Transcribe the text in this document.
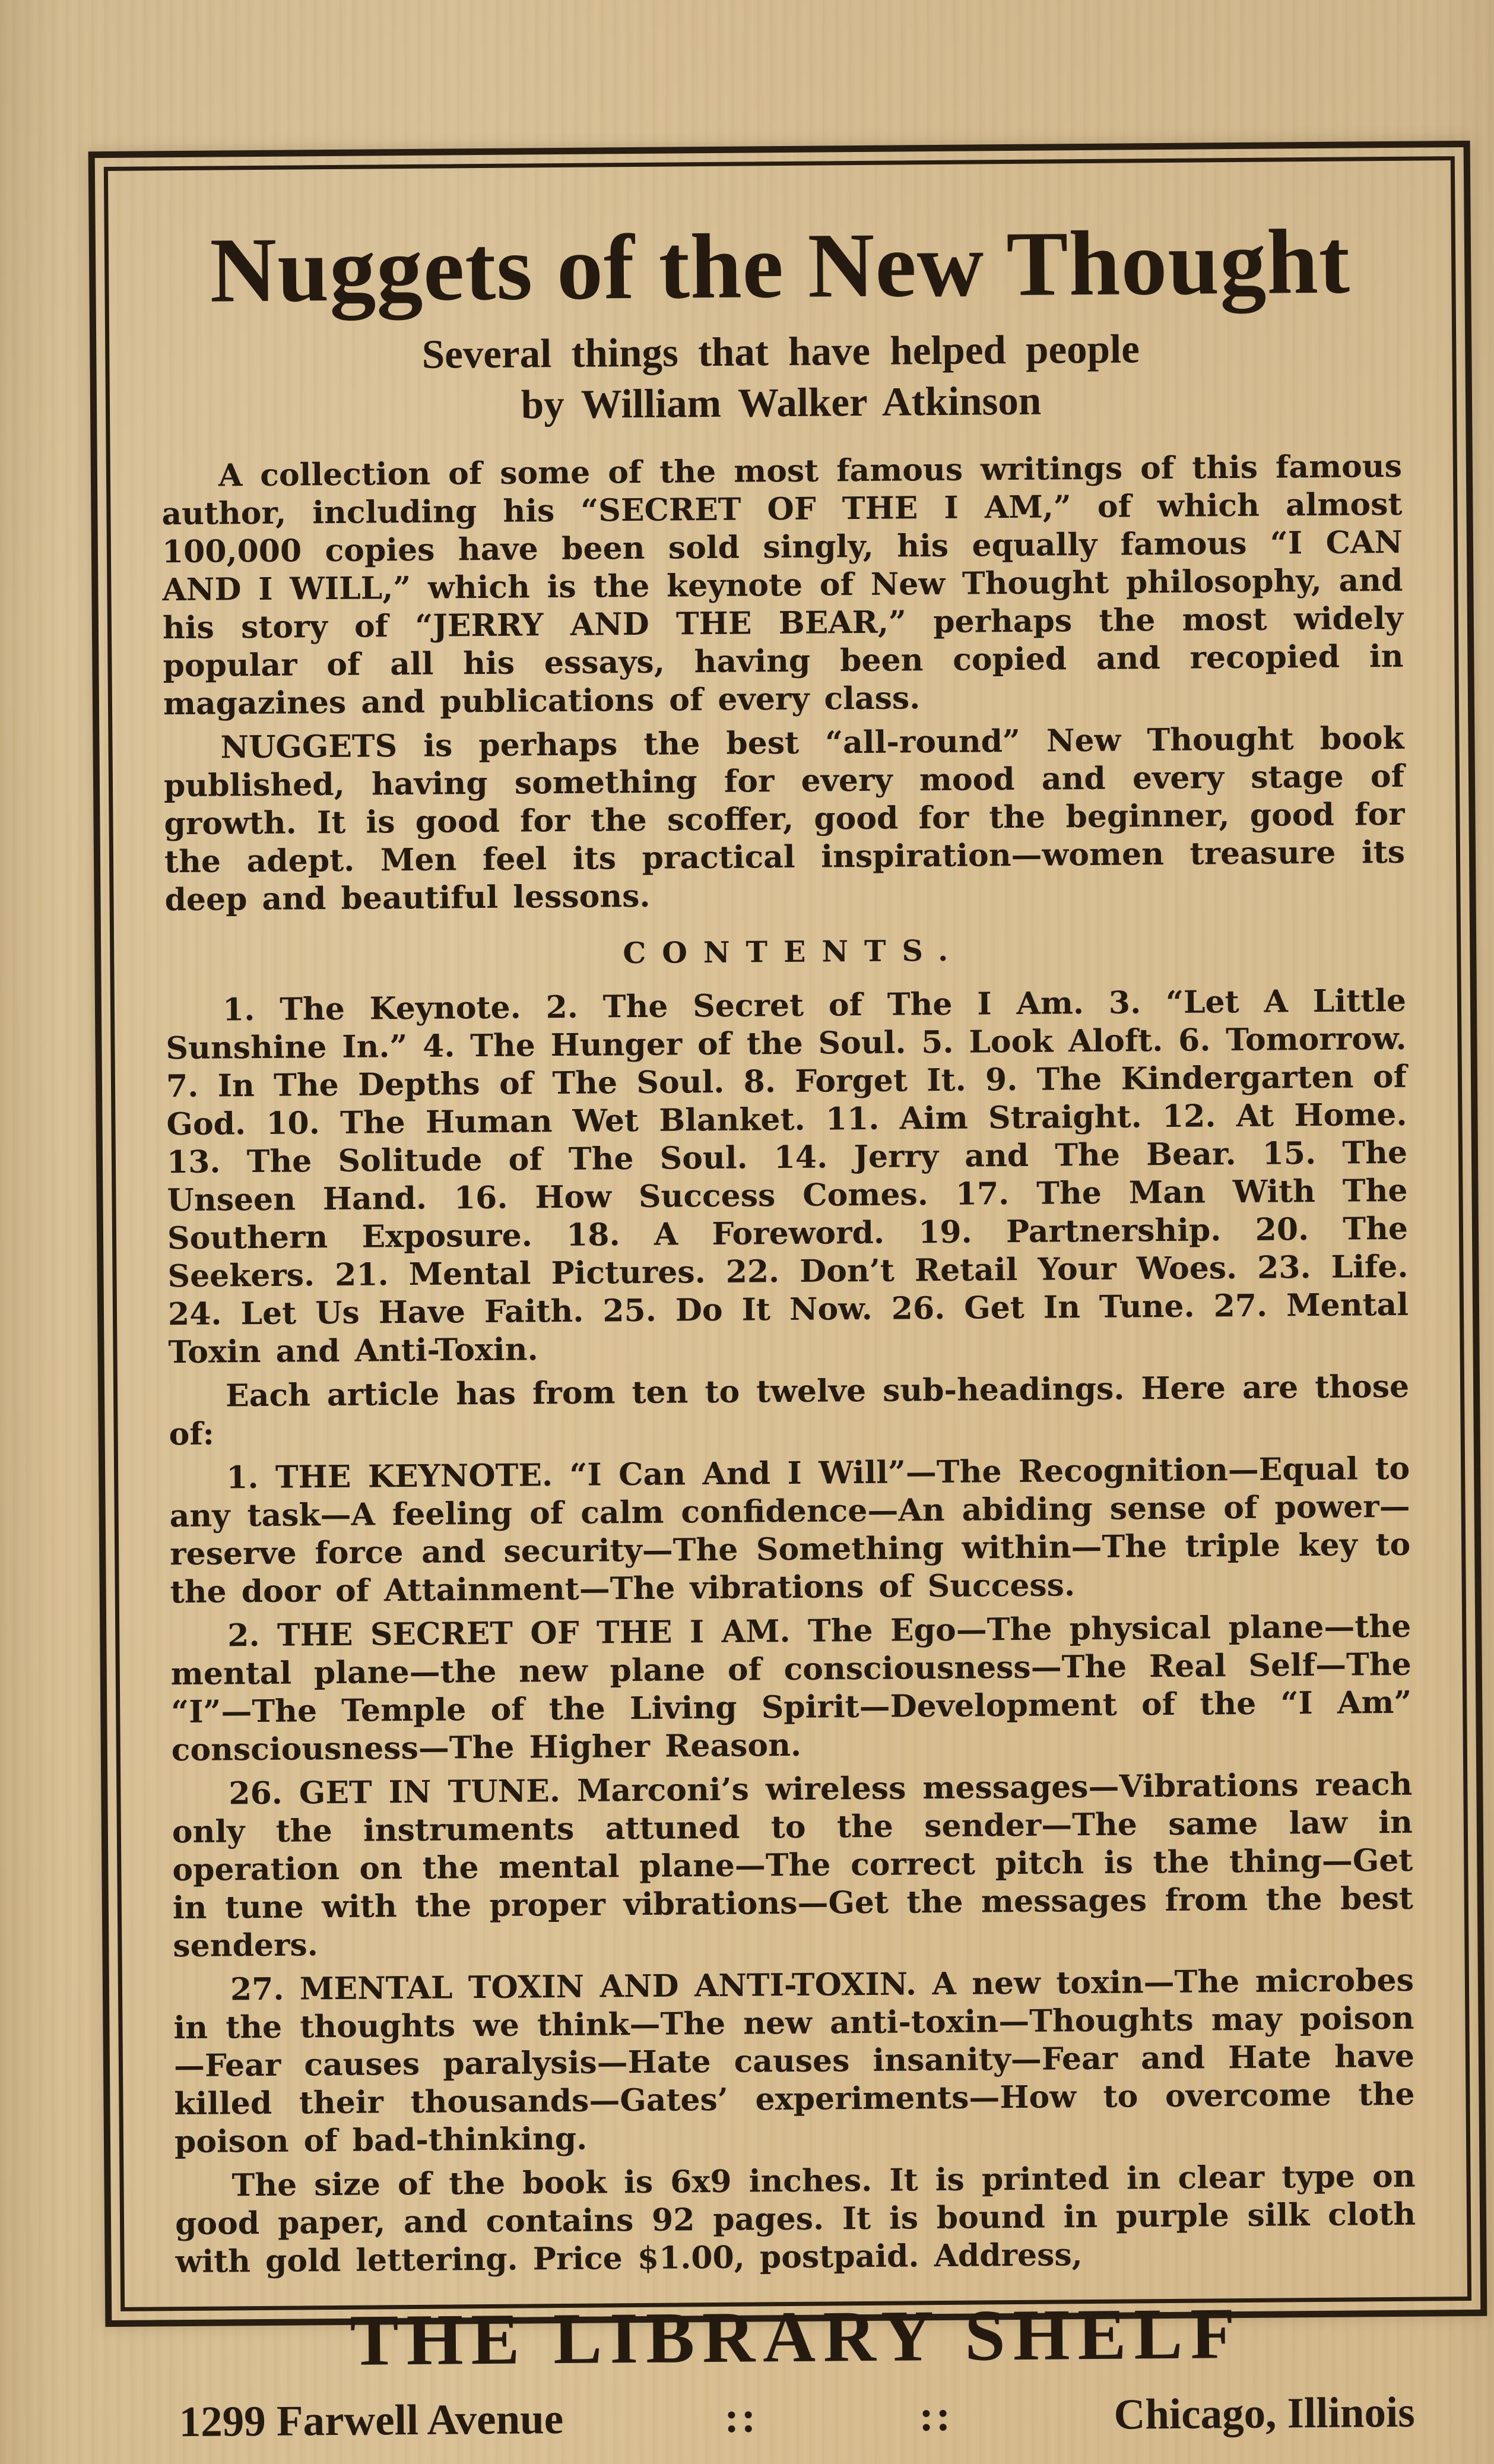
Nuggets of the New Thought
Several things that have helped people
by William Walker Atkinson

A collection of some of the most famous writings of this famous author, including his “SECRET OF THE I AM,” of which almost 100,000 copies have been sold singly, his equally famous “I CAN AND I WILL,” which is the keynote of New Thought philosophy, and his story of “JERRY AND THE BEAR,” perhaps the most widely popular of all his essays, having been copied and recopied in magazines and publications of every class.

NUGGETS is perhaps the best “all-round” New Thought book published, having something for every mood and every stage of growth. It is good for the scoffer, good for the beginner, good for the adept. Men feel its practical inspiration—women treasure its deep and beautiful lessons.

CONTENTS.

1. The Keynote. 2. The Secret of The I Am. 3. “Let A Little Sunshine In.” 4. The Hunger of the Soul. 5. Look Aloft. 6. Tomorrow. 7. In The Depths of The Soul. 8. Forget It. 9. The Kindergarten of God. 10. The Human Wet Blanket. 11. Aim Straight. 12. At Home. 13. The Solitude of The Soul. 14. Jerry and The Bear. 15. The Unseen Hand. 16. How Success Comes. 17. The Man With The Southern Exposure. 18. A Foreword. 19. Partnership. 20. The Seekers. 21. Mental Pictures. 22. Don’t Retail Your Woes. 23. Life. 24. Let Us Have Faith. 25. Do It Now. 26. Get In Tune. 27. Mental Toxin and Anti-Toxin.

Each article has from ten to twelve sub-headings. Here are those of:

1. THE KEYNOTE. “I Can And I Will”—The Recognition—Equal to any task—A feeling of calm confidence—An abiding sense of power—reserve force and security—The Something within—The triple key to the door of Attainment—The vibrations of Success.

2. THE SECRET OF THE I AM. The Ego—The physical plane—the mental plane—the new plane of consciousness—The Real Self—The “I”—The Temple of the Living Spirit—Development of the “I Am” consciousness—The Higher Reason.

26. GET IN TUNE. Marconi’s wireless messages—Vibrations reach only the instruments attuned to the sender—The same law in operation on the mental plane—The correct pitch is the thing—Get in tune with the proper vibrations—Get the messages from the best senders.

27. MENTAL TOXIN AND ANTI-TOXIN. A new toxin—The microbes in the thoughts we think—The new anti-toxin—Thoughts may poison—Fear causes paralysis—Hate causes insanity—Fear and Hate have killed their thousands—Gates’ experiments—How to overcome the poison of bad-thinking.

The size of the book is 6x9 inches. It is printed in clear type on good paper, and contains 92 pages. It is bound in purple silk cloth with gold lettering. Price $1.00, postpaid. Address,

THE LIBRARY SHELF
1299 Farwell Avenue	::	::	Chicago, Illinois
